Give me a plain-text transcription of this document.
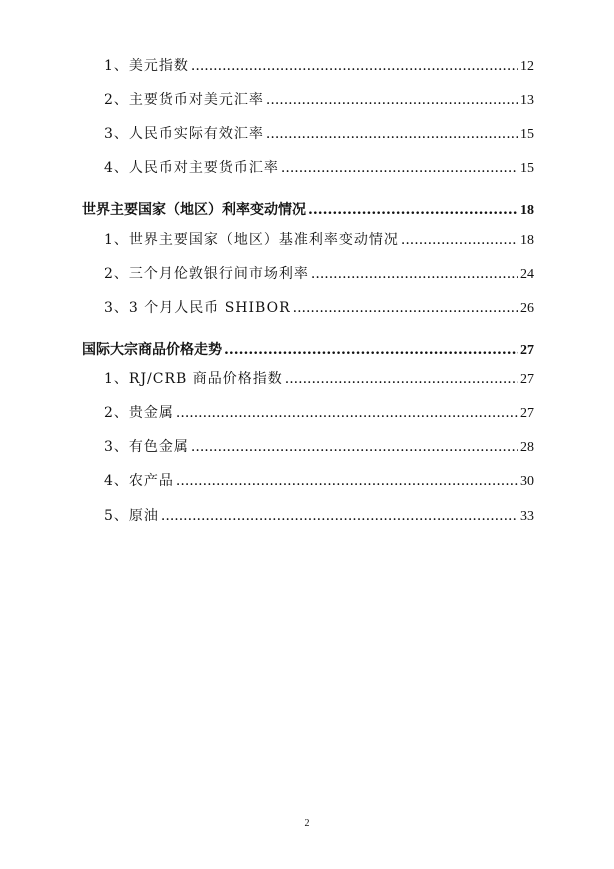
1、美元指数 .....	12
2、主要货币对美元汇率 .....	13
3、人民币实际有效汇率 .....	15
4、人民币对主要货币汇率 .....	15
世界主要国家（地区）利率变动情况 .....	18
1、世界主要国家（地区）基准利率变动情况 .....	18
2、三个月伦敦银行间市场利率 .....	24
3、3 个月人民币 SHIBOR .....	26
国际大宗商品价格走势 .....	27
1、RJ/CRB 商品价格指数 .....	27
2、贵金属 .....	27
3、有色金属 .....	28
4、农产品 .....	30
5、原油 .....	33
2
